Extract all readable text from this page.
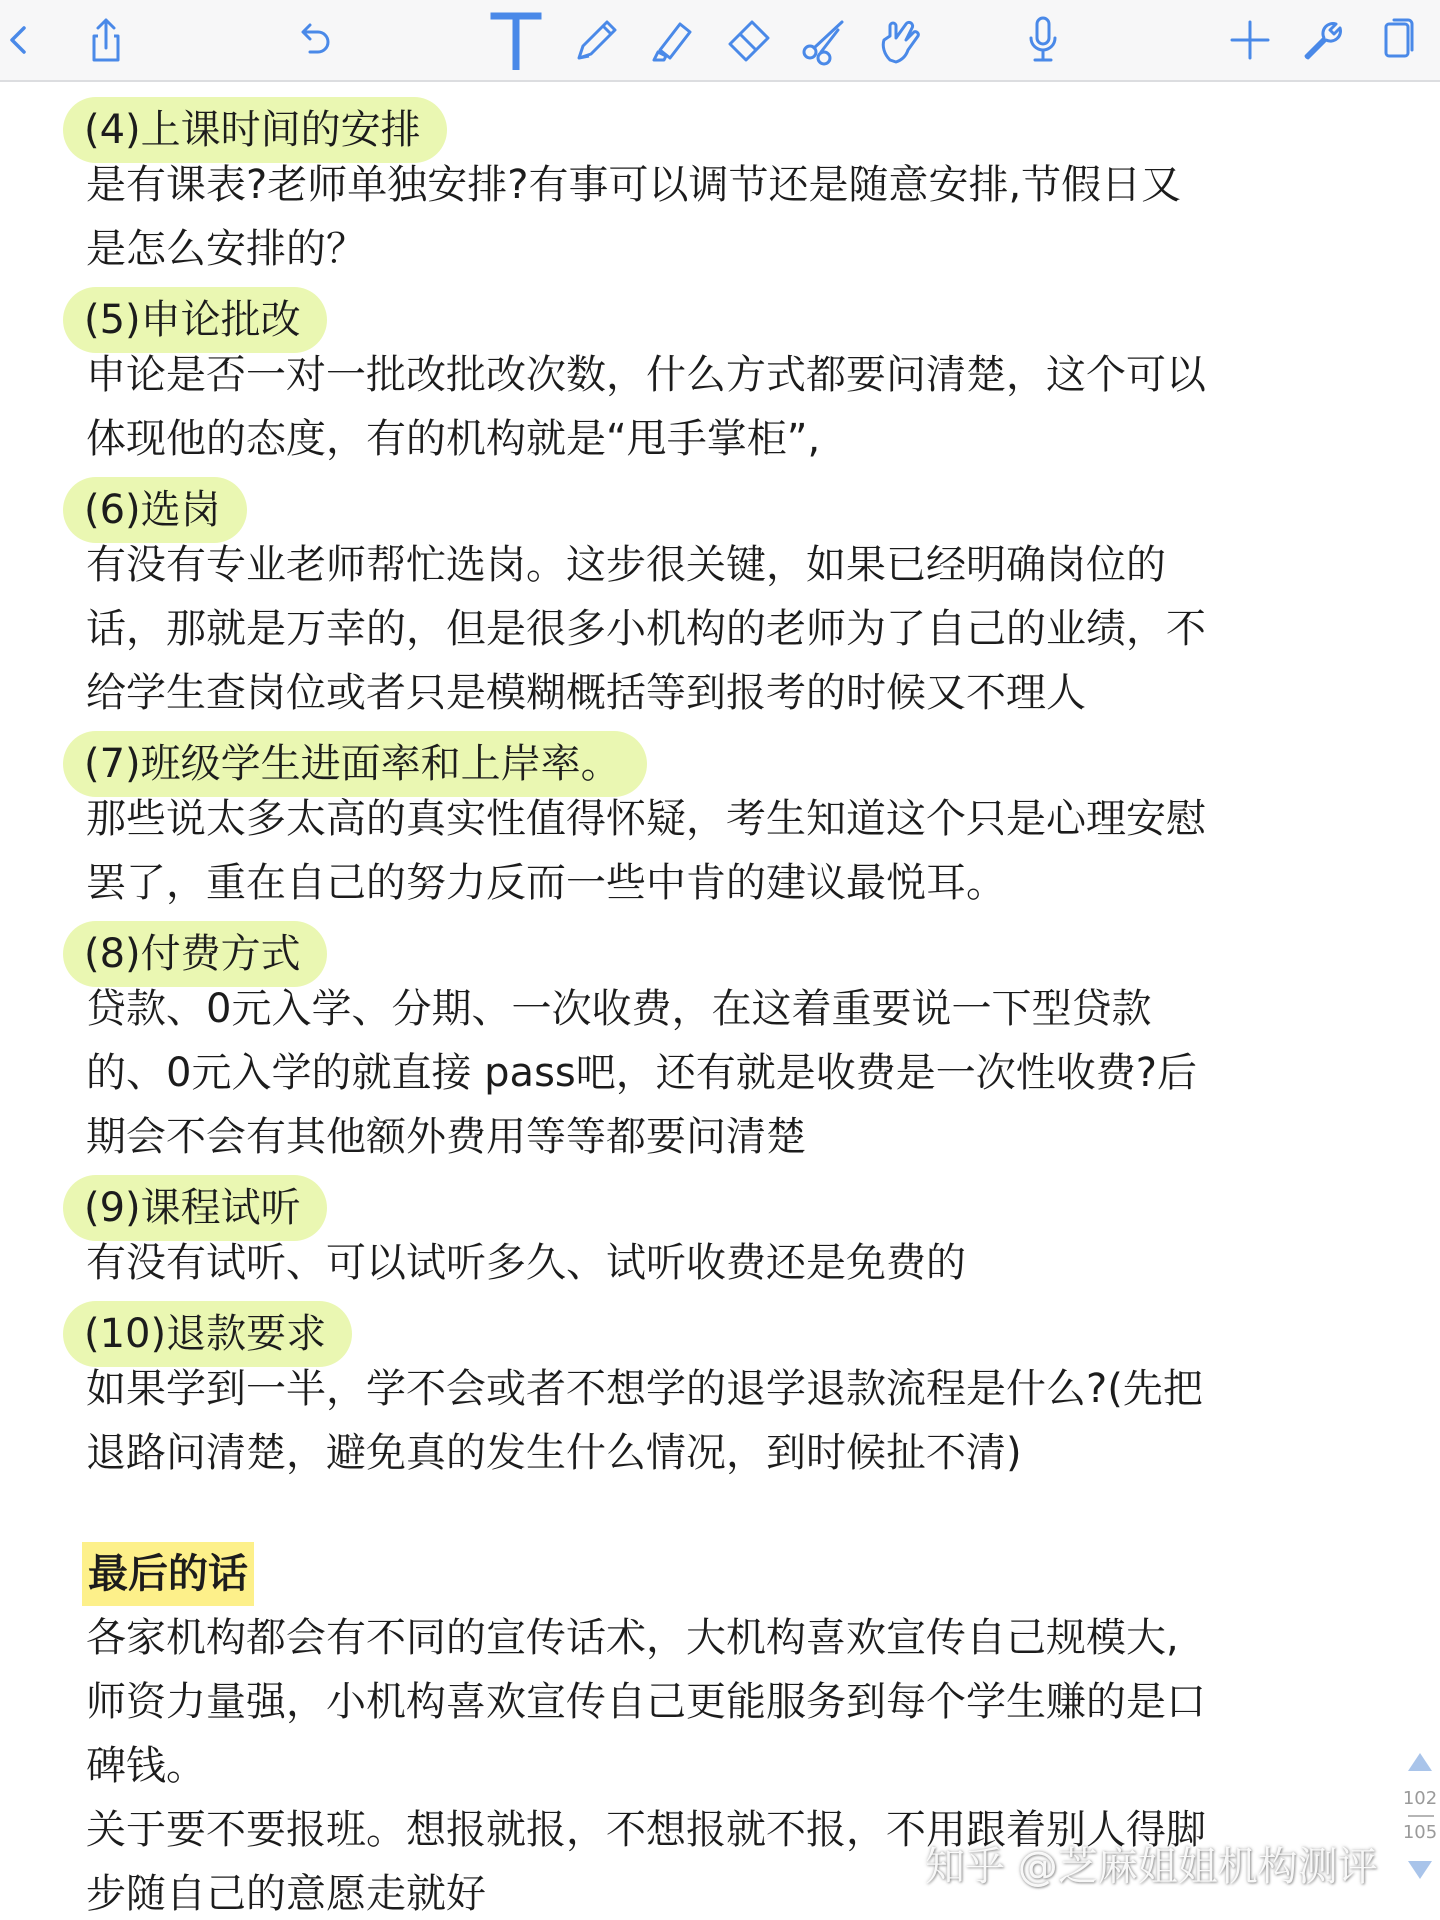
(4)上课时间的安排
是有课表?老师单独安排?有事可以调节还是随意安排,节假日又
是怎么安排的？
(5)申论批改
申论是否一对一批改批改次数，什么方式都要问清楚，这个可以
体现他的态度，有的机构就是“甩手掌柜”,
(6)选岗
有没有专业老师帮忙选岗。这步很关键，如果已经明确岗位的
话，那就是万幸的，但是很多小机构的老师为了自己的业绩，不
给学生查岗位或者只是模糊概括等到报考的时候又不理人
(7)班级学生进面率和上岸率。
那些说太多太高的真实性值得怀疑，考生知道这个只是心理安慰
罢了，重在自己的努力反而一些中肯的建议最悦耳。
(8)付费方式
贷款、0元入学、分期、一次收费，在这着重要说一下型贷款
的、0元入学的就直接 pass吧，还有就是收费是一次性收费?后
期会不会有其他额外费用等等都要问清楚
(9)课程试听
有没有试听、可以试听多久、试听收费还是免费的
(10)退款要求
如果学到一半，学不会或者不想学的退学退款流程是什么?(先把
退路问清楚，避免真的发生什么情况，到时候扯不清)
最后的话
各家机构都会有不同的宣传话术，大机构喜欢宣传自己规模大,
师资力量强，小机构喜欢宣传自己更能服务到每个学生赚的是口
碑钱。
关于要不要报班。想报就报，不想报就不报，不用跟着别人得脚
步随自己的意愿走就好
知乎 @芝麻姐姐机构测评
102
105
